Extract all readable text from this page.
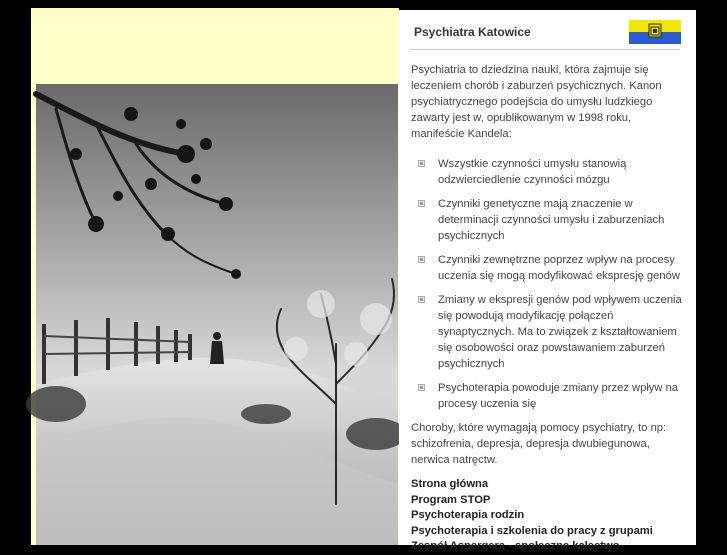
Psychiatra Katowice

Psychiatria to dziedzina nauki, która zajmuje się leczeniem chorób i zaburzeń psychicznych. Kanon psychiatrycznego podejścia do umysłu ludzkiego zawarty jest w, opublikowanym w 1998 roku, manifeście Kandela:

Wszystkie czynności umysłu stanowią odzwierciedlenie czynności mózgu
Czynniki genetyczne mają znaczenie w determinacji czynności umysłu i zaburzeniach psychicznych
Czynniki zewnętrzne poprzez wpływ na procesy uczenia się mogą modyfikować ekspresję genów
Zmiany w ekspresji genów pod wpływem uczenia się powodują modyfikację połączeń synaptycznych. Ma to związek z kształtowaniem się osobowości oraz powstawaniem zaburzeń psychicznych
Psychoterapia powoduje zmiany przez wpływ na procesy uczenia się

Choroby, które wymagają pomocy psychiatry, to np: schizofrenia, depresja, depresja dwubiegunowa, nerwica natręctw.

Strona główna
Program STOP
Psychoterapia rodzin
Psychoterapia i szkolenia do pracy z grupami
Zespół Aspergera - społeczne kalectwo
